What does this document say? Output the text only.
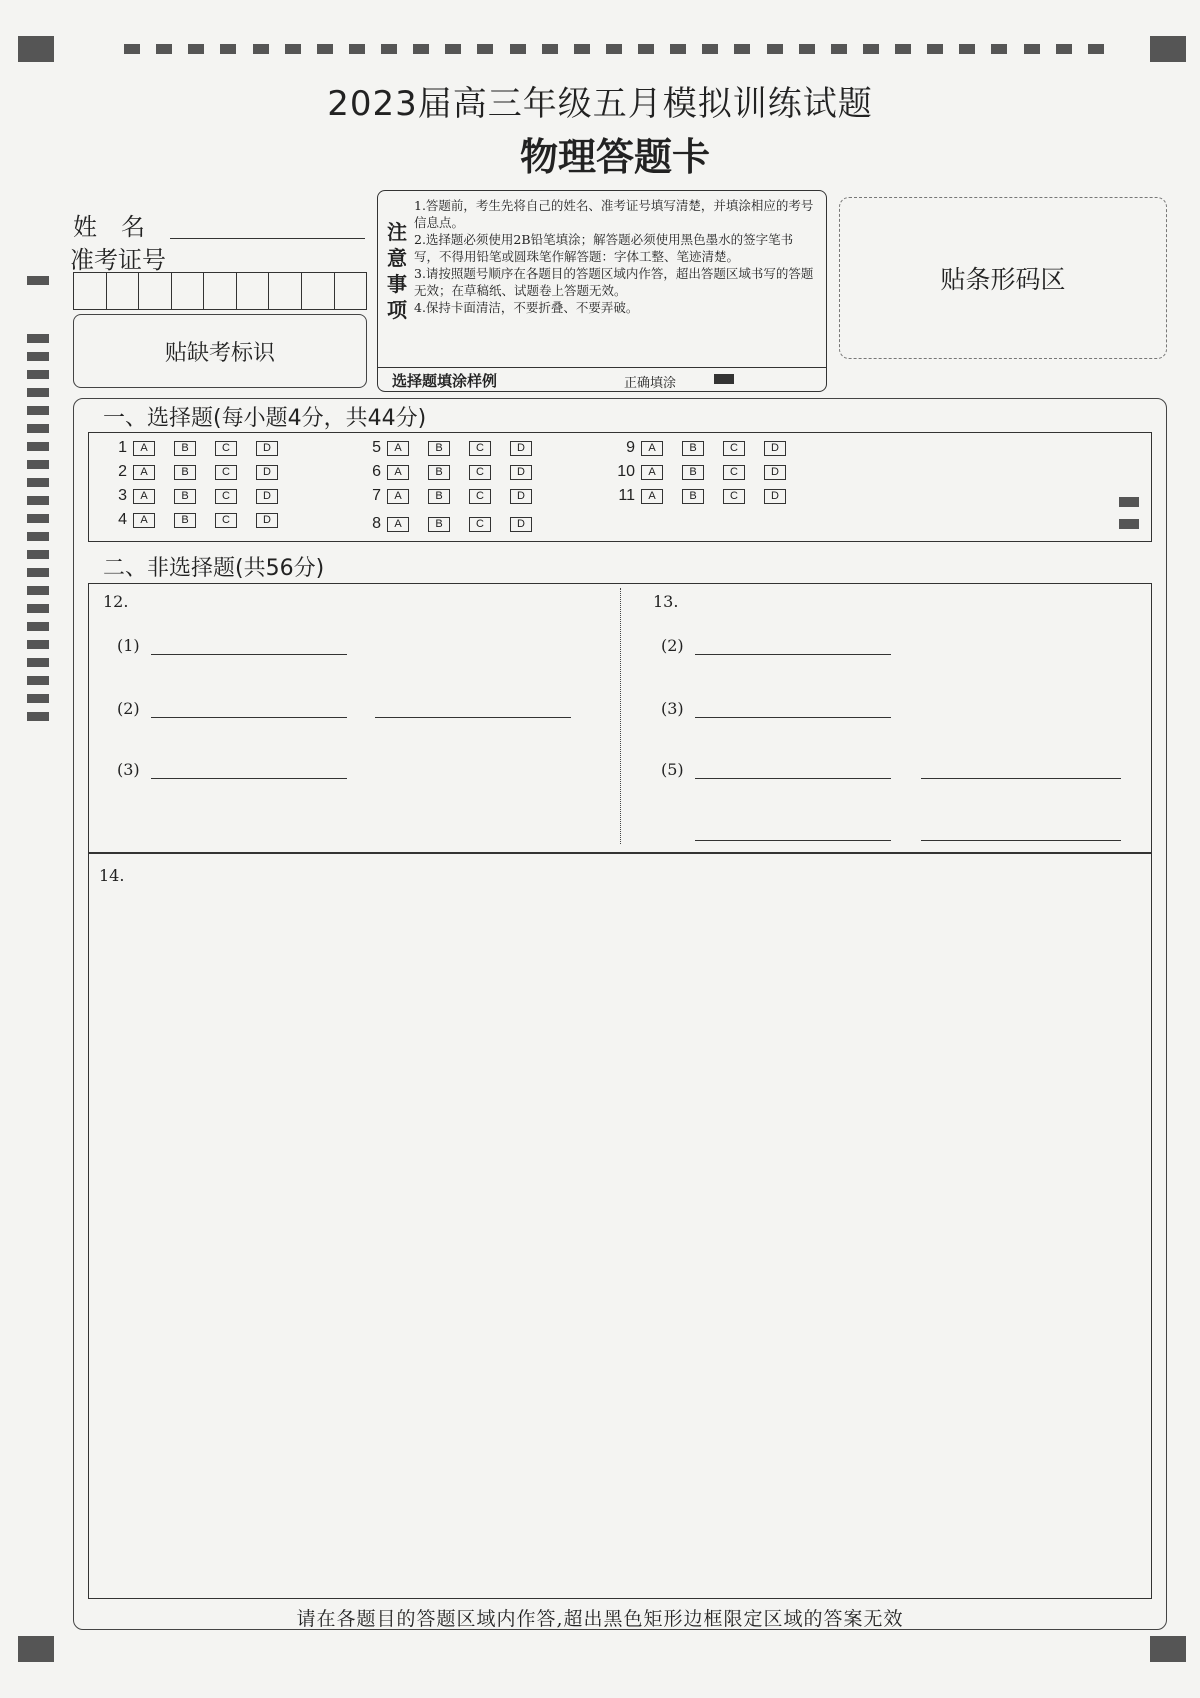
2023届高三年级五月模拟训练试题
物理答题卡
姓　名
准考证号
贴缺考标识
注
意
事
项

1.答题前，考生先将自己的姓名、准考证号填写清楚，并填涂相应的考号信息点。

2.选择题必须使用2B铅笔填涂；解答题必须使用黑色墨水的签字笔书写，不得用铅笔或圆珠笔作解答题：字体工整、笔迹清楚。

3.请按照题号顺序在各题目的答题区域内作答，超出答题区域书写的答题无效；在草稿纸、试题卷上答题无效。

4.保持卡面清洁，不要折叠、不要弄破。

选择题填涂样例	正确填涂
贴条形码区
一、选择题(每小题4分，共44分)
1	A	B	C	D
2	A	B	C	D
3	A	B	C	D
4	A	B	C	D
5	A	B	C	D
6	A	B	C	D
7	A	B	C	D
8	A	B	C	D
9	A	B	C	D
10	A	B	C	D
11	A	B	C	D
二、非选择题(共56分)
12.
(1)
(2)
(3)
13.
(2)
(3)
(5)
14.
请在各题目的答题区域内作答,超出黑色矩形边框限定区域的答案无效
